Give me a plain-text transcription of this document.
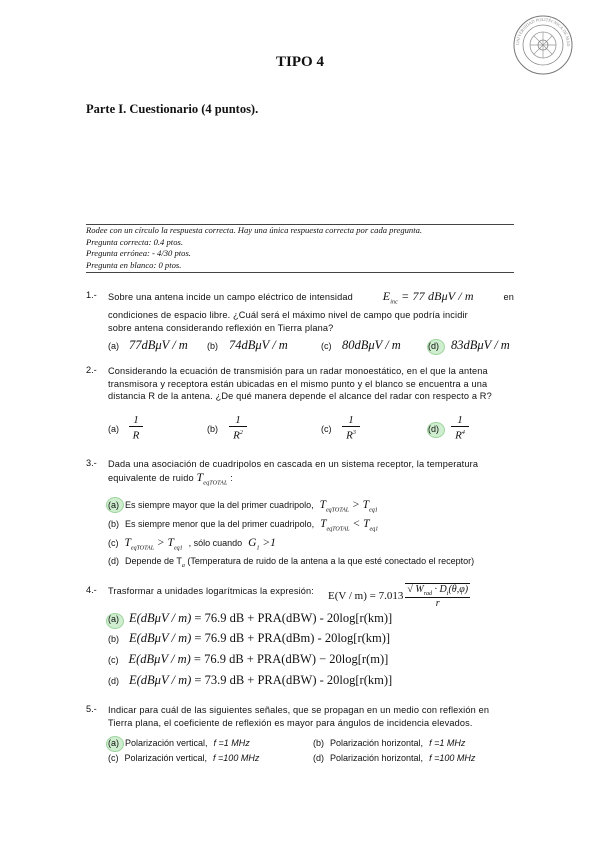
UNIVERSIDAD POLITÉCNICA DE MAD
TIPO 4
Parte I. Cuestionario (4 puntos).
Rodee con un círculo la respuesta correcta. Hay una única respuesta correcta por cada pregunta.
Pregunta correcta: 0.4 ptos.
Pregunta errónea: - 4/30 ptos.
Pregunta en blanco: 0 ptos.
1.- Sobre una antena incide un campo eléctrico de intensidad $E_{inc} = 77$ dBμV / m	en
condiciones de espacio libre. ¿Cuál será el máximo nivel de campo que podría incidir
sobre antena considerando reflexión en Tierra plana?
(a) 77dBμV / m (b) 74dBμV / m	(c) 80dBμV / m	(d) 83dBμV / m
2.- Considerando la ecuación de transmisión para un radar monoestático, en el que la antena
transmisora y receptora están ubicadas en el mismo punto y el blanco se encuentra a una
distancia R de la antena. ¿De qué manera depende el alcance del radar con respecto a R?
(a)
1
R
(b)
1
$R^2$	(c)
1
$R^3$	(d)
1
$R^4$
3.- Dada una asociación de cuadripolos en cascada en un sistema receptor, la temperatura
equivalente de ruido $T_{eqTOTAL}$ :
(a) Es siempre mayor que la del primer cuadripolo, $T_{eqTOTAL} > T_{eq1}$
(b) Es siempre menor que la del primer cuadripolo, $T_{eqTOTAL} < T_{eq1}$
(c) $T_{eqTOTAL} > T_{eq1}$
, sólo cuando $G_1 >1$
(d) Depende de $T_a$ (Temperatura de ruido de la antena a la que esté conectado el receptor)
4.- Trasformar a unidades logarítmicas la expresión: E(V / m) = 7.013
√ $W_{rad} \cdot D_t(\theta,\varphi)$
r
(a) E(dBμV / m) = 76.9 dB + PRA(dBW) - 20log[r(km)]
(b) E(dBμV / m) = 76.9 dB + PRA(dBm) - 20log[r(km)]
(c) E(dBμV / m) = 76.9 dB + PRA(dBW) − 20log[r(m)]
(d) E(dBμV / m) = 73.9 dB + PRA(dBW) - 20log[r(km)]
5.- Indicar para cuál de las siguientes señales, que se propagan en un medio con reflexión en
Tierra plana, el coeficiente de reflexión es mayor para ángulos de incidencia elevados.
(a) Polarización vertical, f =1 MHz	(b) Polarización horizontal, f =1 MHz
(c) Polarización vertical, f =100 MHz	(d) Polarización horizontal, f =100 MHz
